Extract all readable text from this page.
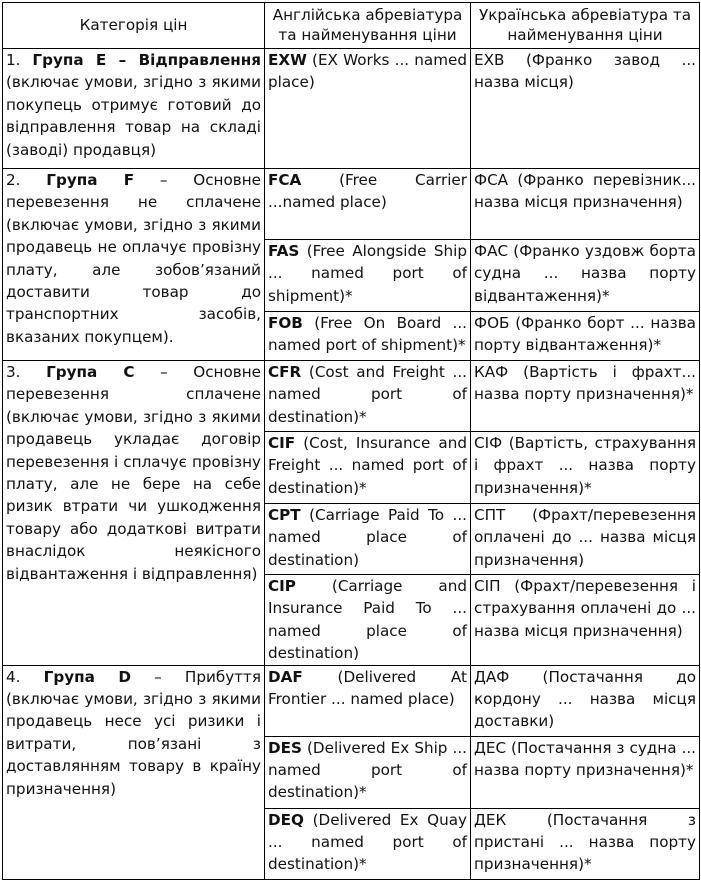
Категорія цін	Англійська абревіатура та найменування ціни	Українська абревіатура та найменування ціни
1. Група Е – Відправлення (включає умови, згідно з якими покупець отримує готовий до відправлення товар на складі (заводі) продавця)	EXW (EX Works ... named place)	ЕХВ (Франко завод ... назва місця)
2. Група F – Основне перевезення не сплачене (включає умови, згідно з якими продавець не оплачує провізну плату, але зобов’язаний доставити товар до транспортних засобів, вказаних покупцем).	FCA (Free Carrier ...named place)	ФСА (Франко перевізник... назва місця призначення)
	FAS (Free Alongside Ship ... named port of shipment)*	ФАС (Франко уздовж борта судна ... назва порту відвантаження)*
	FOB (Free On Board ... named port of shipment)*	ФОБ (Франко борт ... назва порту відвантаження)*
3. Група С – Основне перевезення сплачене (включає умови, згідно з якими продавець укладає договір перевезення і сплачує провізну плату, але не бере на себе ризик втрати чи ушкодження товару або додаткові витрати внаслідок неякісного відвантаження і відправлення)	CFR (Cost and Freight ... named port of destination)*	КАФ (Вартість і фрахт... назва порту призначення)*
	CIF (Cost, Insurance and Freight ... named port of destination)*	СІФ (Вартість, страхування і фрахт ... назва порту призначення)*
	CPT (Carriage Paid To ... named place of destination)	СПТ (Фрахт/перевезення оплачені до ... назва місця призначення)
	CIP (Carriage and Insurance Paid To ... named place of destination)	СІП (Фрахт/перевезення і страхування оплачені до ... назва місця призначення)
4. Група D – Прибуття (включає умови, згідно з якими продавець несе усі ризики і витрати, пов’язані з доставлянням товару в країну призначення)	DAF (Delivered At Frontier ... named place)	ДАФ (Постачання до кордону ... назва місця доставки)
	DES (Delivered Ex Ship ... named port of destination)*	ДЕС (Постачання з судна ... назва порту призначення)*
	DEQ (Delivered Ex Quay ... named port of destination)*	ДЕК (Постачання з пристані ... назва порту призначення)*
